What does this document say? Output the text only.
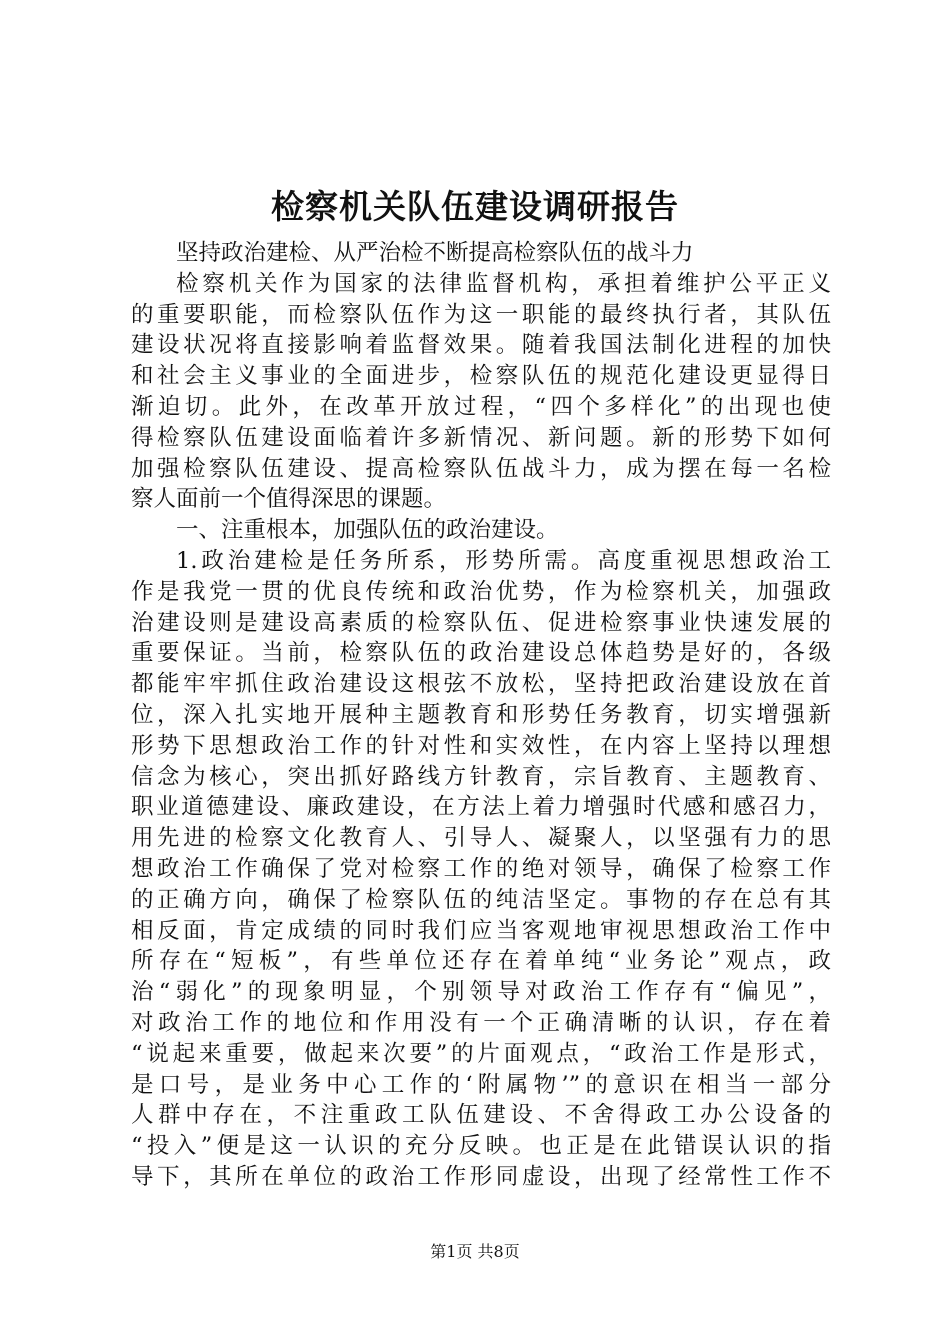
检察机关队伍建设调研报告
坚持政治建检、从严治检不断提高检察队伍的战斗力
检察机关作为国家的法律监督机构，承担着维护公平正义
的重要职能，而检察队伍作为这一职能的最终执行者，其队伍
建设状况将直接影响着监督效果。随着我国法制化进程的加快
和社会主义事业的全面进步，检察队伍的规范化建设更显得日
渐迫切。此外，在改革开放过程，“四个多样化”的出现也使
得检察队伍建设面临着许多新情况、新问题。新的形势下如何
加强检察队伍建设、提高检察队伍战斗力，成为摆在每一名检
察人面前一个值得深思的课题。
一、注重根本，加强队伍的政治建设。
1.政治建检是任务所系，形势所需。高度重视思想政治工
作是我党一贯的优良传统和政治优势，作为检察机关，加强政
治建设则是建设高素质的检察队伍、促进检察事业快速发展的
重要保证。当前，检察队伍的政治建设总体趋势是好的，各级
都能牢牢抓住政治建设这根弦不放松，坚持把政治建设放在首
位，深入扎实地开展种主题教育和形势任务教育，切实增强新
形势下思想政治工作的针对性和实效性，在内容上坚持以理想
信念为核心，突出抓好路线方针教育，宗旨教育、主题教育、
职业道德建设、廉政建设，在方法上着力增强时代感和感召力，
用先进的检察文化教育人、引导人、凝聚人，以坚强有力的思
想政治工作确保了党对检察工作的绝对领导，确保了检察工作
的正确方向，确保了检察队伍的纯洁坚定。事物的存在总有其
相反面，肯定成绩的同时我们应当客观地审视思想政治工作中
所存在“短板”，有些单位还存在着单纯“业务论”观点，政
治“弱化”的现象明显，个别领导对政治工作存有“偏见”，
对政治工作的地位和作用没有一个正确清晰的认识，存在着
“说起来重要，做起来次要”的片面观点，“政治工作是形式，
是口号，是业务中心工作的‘附属物’”的意识在相当一部分
人群中存在，不注重政工队伍建设、不舍得政工办公设备的
“投入”便是这一认识的充分反映。也正是在此错误认识的指
导下，其所在单位的政治工作形同虚设，出现了经常性工作不
第1页 共8页
